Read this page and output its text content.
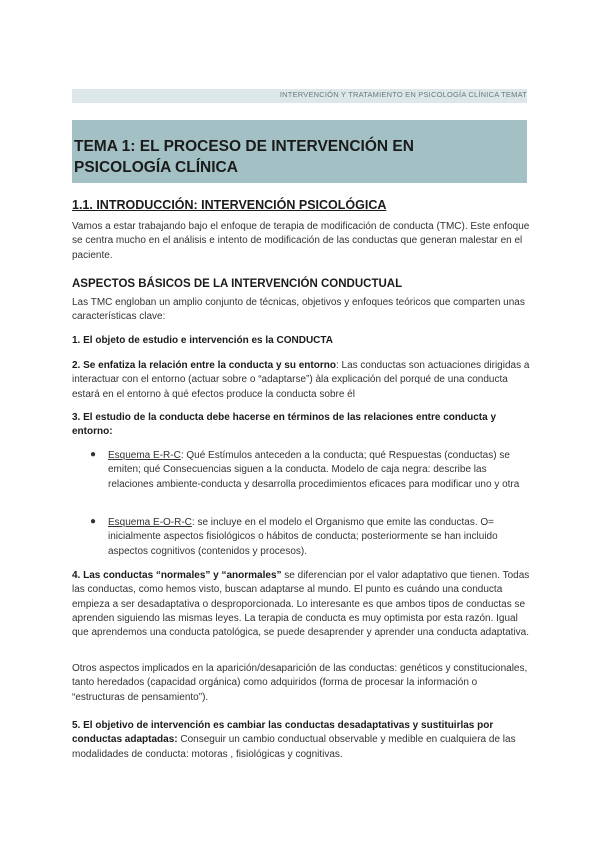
INTERVENCIÓN Y TRATAMIENTO EN PSICOLOGÍA CLÍNICA TEMAT
TEMA 1: EL PROCESO DE INTERVENCIÓN EN PSICOLOGÍA CLÍNICA
1.1. INTRODUCCIÓN: INTERVENCIÓN PSICOLÓGICA
Vamos a estar trabajando bajo el enfoque de terapia de modificación de conducta (TMC). Este enfoque se centra mucho en el análisis e intento de modificación de las conductas que generan malestar en el paciente.
ASPECTOS BÁSICOS DE LA INTERVENCIÓN CONDUCTUAL
Las TMC engloban un amplio conjunto de técnicas, objetivos y enfoques teóricos que comparten unas características clave:
1. El objeto de estudio e intervención es la CONDUCTA
2. Se enfatiza la relación entre la conducta y su entorno: Las conductas son actuaciones dirigidas a interactuar con el entorno (actuar sobre o “adaptarse”) àla explicación del porqué de una conducta estará en el entorno à qué efectos produce la conducta sobre él
3. El estudio de la conducta debe hacerse en términos de las relaciones entre conducta y entorno:
● Esquema E-R-C: Qué Estímulos anteceden a la conducta; qué Respuestas (conductas) se emiten; qué Consecuencias siguen a la conducta. Modelo de caja negra: describe las relaciones ambiente-conducta y desarrolla procedimientos eficaces para modificar uno y otra
● Esquema E-O-R-C: se incluye en el modelo el Organismo que emite las conductas. O= inicialmente aspectos fisiológicos o hábitos de conducta; posteriormente se han incluido aspectos cognitivos (contenidos y procesos).
4. Las conductas “normales” y “anormales” se diferencian por el valor adaptativo que tienen. Todas las conductas, como hemos visto, buscan adaptarse al mundo. El punto es cuándo una conducta empieza a ser desadaptativa o desproporcionada. Lo interesante es que ambos tipos de conductas se aprenden siguiendo las mismas leyes. La terapia de conducta es muy optimista por esta razón. Igual que aprendemos una conducta patológica, se puede desaprender y aprender una conducta adaptativa.
Otros aspectos implicados en la aparición/desaparición de las conductas: genéticos y constitucionales, tanto heredados (capacidad orgánica) como adquiridos (forma de procesar la información o “estructuras de pensamiento”).
5. El objetivo de intervención es cambiar las conductas desadaptativas y sustituirlas por conductas adaptadas: Conseguir un cambio conductual observable y medible en cualquiera de las modalidades de conducta: motoras , fisiológicas y cognitivas.
